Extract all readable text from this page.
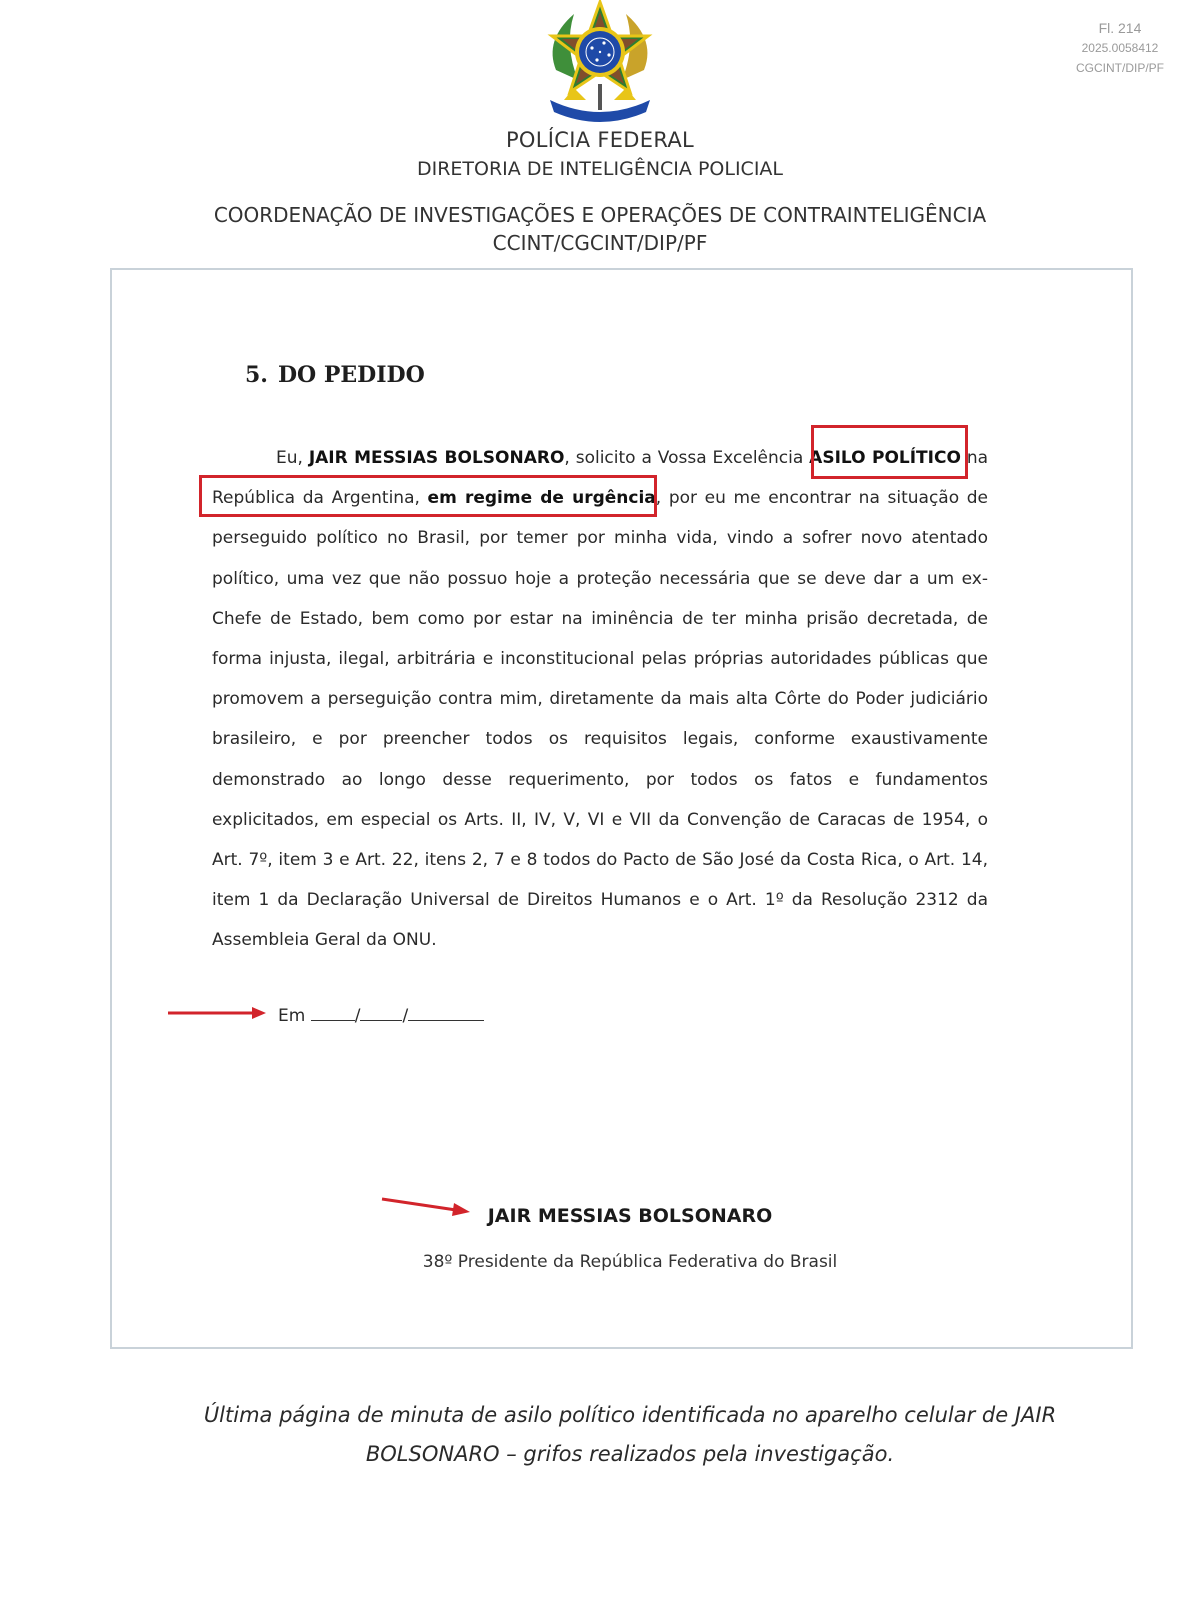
Fl. 214
2025.0058412
CGCINT/DIP/PF
POLÍCIA FEDERAL
DIRETORIA DE INTELIGÊNCIA POLICIAL
COORDENAÇÃO DE INVESTIGAÇÕES E OPERAÇÕES DE CONTRAINTELIGÊNCIA
CCINT/CGCINT/DIP/PF
5. DO PEDIDO
Eu, JAIR MESSIAS BOLSONARO, solicito a Vossa Excelência ASILO POLÍTICO na República da Argentina, em regime de urgência, por eu me encontrar na situação de perseguido político no Brasil, por temer por minha vida, vindo a sofrer novo atentado político, uma vez que não possuo hoje a proteção necessária que se deve dar a um ex-Chefe de Estado, bem como por estar na iminência de ter minha prisão decretada, de forma injusta, ilegal, arbitrária e inconstitucional pelas próprias autoridades públicas que promovem a perseguição contra mim, diretamente da mais alta Côrte do Poder judiciário brasileiro, e por preencher todos os requisitos legais, conforme exaustivamente demonstrado ao longo desse requerimento, por todos os fatos e fundamentos explicitados, em especial os Arts. II, IV, V, VI e VII da Convenção de Caracas de 1954, o Art. 7º, item 3 e Art. 22, itens 2, 7 e 8 todos do Pacto de São José da Costa Rica, o Art. 14, item 1 da Declaração Universal de Direitos Humanos e o Art. 1º da Resolução 2312 da Assembleia Geral da ONU.
Em	/ /
JAIR MESSIAS BOLSONARO
38º Presidente da República Federativa do Brasil
Última página de minuta de asilo político identificada no aparelho celular de JAIR
BOLSONARO – grifos realizados pela investigação.
